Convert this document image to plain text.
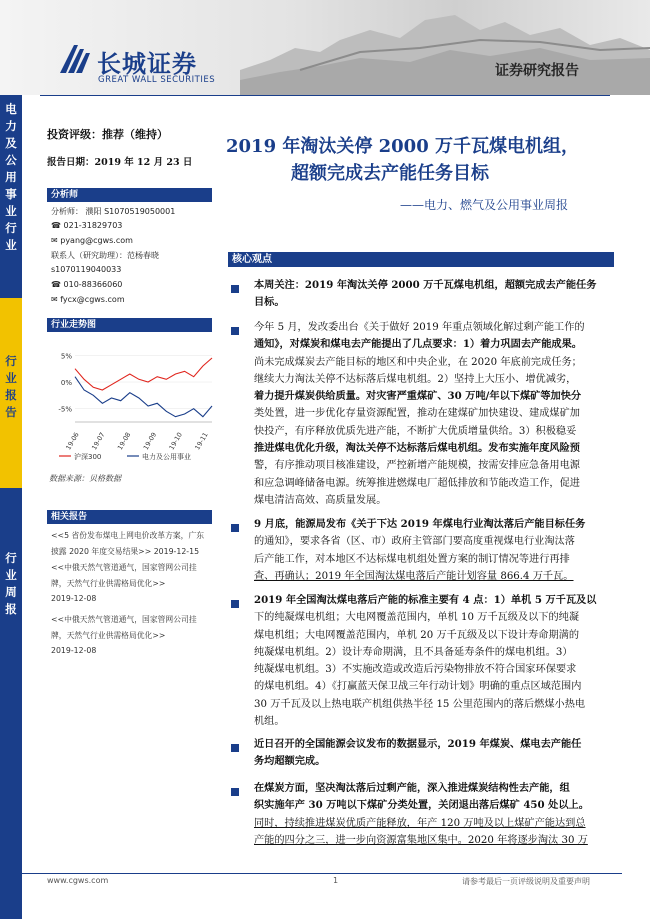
长城证券
GREAT WALL SECURITIES
证券研究报告
电
力
及
公
用
事
业
行
业
行
业
报
告
行
业
周
报
投资评级：推荐（维持）
报告日期：2019 年 12 月 23 日
2019 年淘汰关停 2000 万千瓦煤电机组，
超额完成去产能任务目标
——电力、燃气及公用事业周报
分析师
分析师： 濮阳 S1070519050001
☎ 021-31829703
✉ pyang@cgws.com
联系人（研究助理）：范杨春晓
s1070119040033
☎ 010-88366060
✉ fycx@cgws.com
行业走势图
5%
0%
-5%
19-06 19-07 19-08 19-09 19-10 19-11
沪深300	电力及公用事业
数据来源：贝格数据
相关报告
<<5 省份发布煤电上网电价改革方案，广东
披露 2020 年度交易结果>> 2019-12-15
<<中俄天然气管道通气，国家管网公司挂
牌，天然气行业供需格局优化>>
2019-12-08
<<中俄天然气管道通气，国家管网公司挂
牌，天然气行业供需格局优化>>
2019-12-08
核心观点
本周关注：2019 年淘汰关停 2000 万千瓦煤电机组，超额完成去产能任务
目标。
今年 5 月，发改委出台《关于做好 2019 年重点领域化解过剩产能工作的
通知》，对煤炭和煤电去产能提出了几点要求：1）着力巩固去产能成果。
尚未完成煤炭去产能目标的地区和中央企业，在 2020 年底前完成任务；
继续大力淘汰关停不达标落后煤电机组。2）坚持上大压小、增优减劣，
着力提升煤炭供给质量。对灾害严重煤矿、30 万吨/年以下煤矿等加快分
类处置，进一步优化存量资源配置，推动在建煤矿加快建设、建成煤矿加
快投产，有序释放优质先进产能，不断扩大优质增量供给。3）积极稳妥
推进煤电优化升级，淘汰关停不达标落后煤电机组。发布实施年度风险预
警，有序推动项目核准建设，严控新增产能规模，按需安排应急备用电源
和应急调峰储备电源。统筹推进燃煤电厂超低排放和节能改造工作，促进
煤电清洁高效、高质量发展。
9 月底，能源局发布《关于下达 2019 年煤电行业淘汰落后产能目标任务
的通知》，要求各省（区、市）政府主管部门要高度重视煤电行业淘汰落
后产能工作，对本地区不达标煤电机组处置方案的制订情况等进行再排
查、再确认；2019 年全国淘汰煤电落后产能计划容量 866.4 万千瓦。
2019 年全国淘汰煤电落后产能的标准主要有 4 点：1）单机 5 万千瓦及以
下的纯凝煤电机组；大电网覆盖范围内，单机 10 万千瓦级及以下的纯凝
煤电机组；大电网覆盖范围内，单机 20 万千瓦级及以下设计寿命期满的
纯凝煤电机组。2）设计寿命期满，且不具备延寿条件的煤电机组。3）
纯凝煤电机组。3）不实施改造或改造后污染物排放不符合国家环保要求
的煤电机组。4）《打赢蓝天保卫战三年行动计划》明确的重点区域范围内
30 万千瓦及以上热电联产机组供热半径 15 公里范围内的落后燃煤小热电
机组。
近日召开的全国能源会议发布的数据显示，2019 年煤炭、煤电去产能任
务均超额完成。
在煤炭方面，坚决淘汰落后过剩产能，深入推进煤炭结构性去产能，组
织实施年产 30 万吨以下煤矿分类处置，关闭退出落后煤矿 450 处以上。
同时，持续推进煤炭优质产能释放，年产 120 万吨及以上煤矿产能达到总
产能的四分之三，进一步向资源富集地区集中。2020 年将逐步淘汰 30 万
www.cgws.com	1	请参考最后一页评级说明及重要声明
